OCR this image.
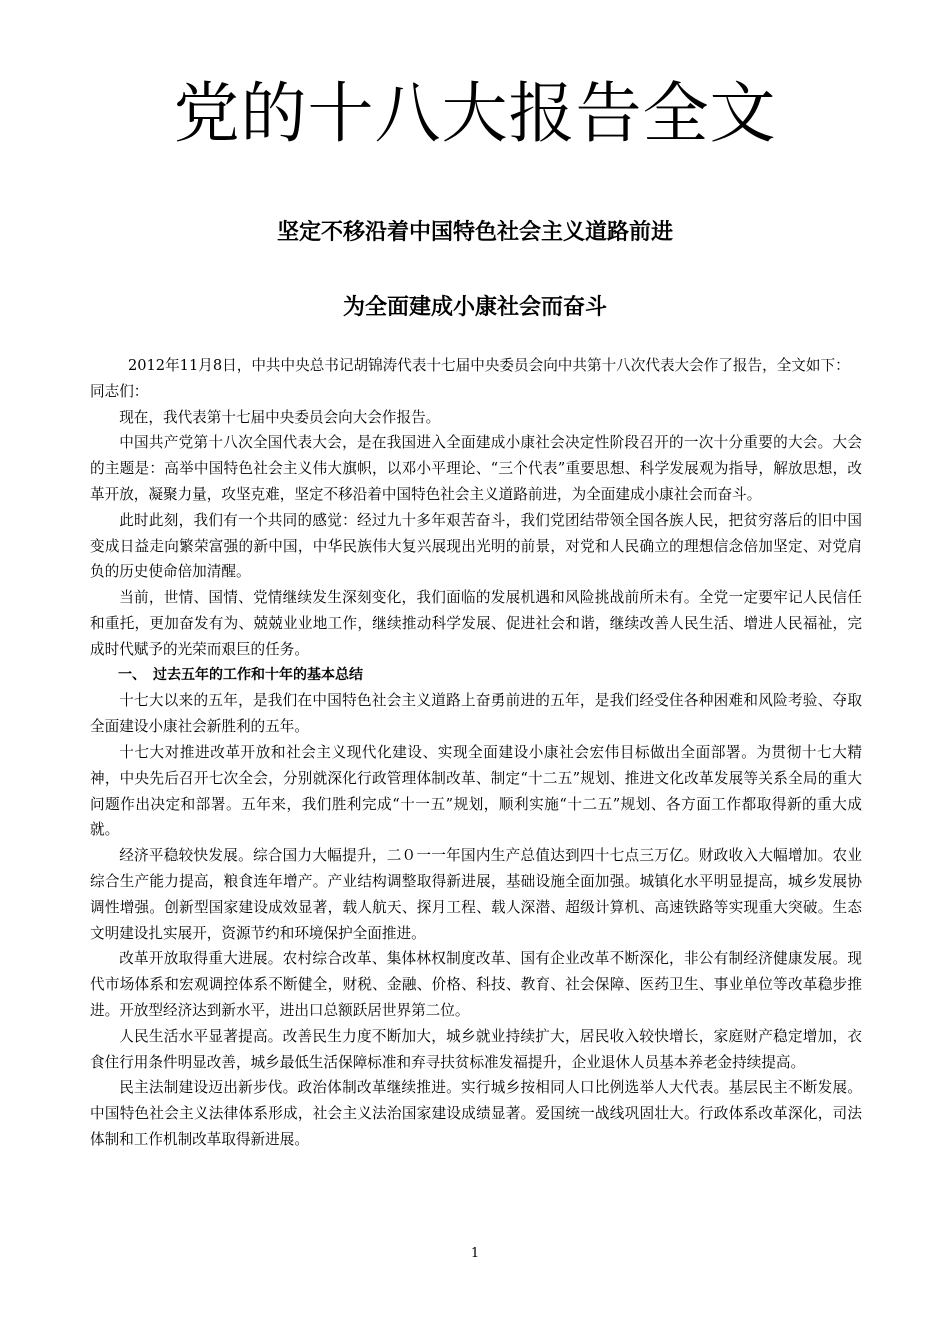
党的十八大报告全文
坚定不移沿着中国特色社会主义道路前进
为全面建成小康社会而奋斗

2012年11月8日，中共中央总书记胡锦涛代表十七届中央委员会向中共第十八次代表大会作了报告，全文如下：

同志们：

现在，我代表第十七届中央委员会向大会作报告。

中国共产党第十八次全国代表大会，是在我国进入全面建成小康社会决定性阶段召开的一次十分重要的大会。大会的主题是：高举中国特色社会主义伟大旗帜，以邓小平理论、“三个代表”重要思想、科学发展观为指导，解放思想，改革开放，凝聚力量，攻坚克难，坚定不移沿着中国特色社会主义道路前进，为全面建成小康社会而奋斗。

此时此刻，我们有一个共同的感觉：经过九十多年艰苦奋斗，我们党团结带领全国各族人民，把贫穷落后的旧中国变成日益走向繁荣富强的新中国，中华民族伟大复兴展现出光明的前景，对党和人民确立的理想信念倍加坚定、对党肩负的历史使命倍加清醒。

当前，世情、国情、党情继续发生深刻变化，我们面临的发展机遇和风险挑战前所未有。全党一定要牢记人民信任和重托，更加奋发有为、兢兢业业地工作，继续推动科学发展、促进社会和谐，继续改善人民生活、增进人民福祉，完成时代赋予的光荣而艰巨的任务。

一、　过去五年的工作和十年的基本总结

十七大以来的五年，是我们在中国特色社会主义道路上奋勇前进的五年，是我们经受住各种困难和风险考验、夺取全面建设小康社会新胜利的五年。

十七大对推进改革开放和社会主义现代化建设、实现全面建设小康社会宏伟目标做出全面部署。为贯彻十七大精神，中央先后召开七次全会，分别就深化行政管理体制改革、制定“十二五”规划、推进文化改革发展等关系全局的重大问题作出决定和部署。五年来，我们胜利完成“十一五”规划，顺利实施“十二五”规划、各方面工作都取得新的重大成就。

经济平稳较快发展。综合国力大幅提升，二０一一年国内生产总值达到四十七点三万亿。财政收入大幅增加。农业综合生产能力提高，粮食连年增产。产业结构调整取得新进展，基础设施全面加强。城镇化水平明显提高，城乡发展协调性增强。创新型国家建设成效显著，载人航天、探月工程、载人深潜、超级计算机、高速铁路等实现重大突破。生态文明建设扎实展开，资源节约和环境保护全面推进。

改革开放取得重大进展。农村综合改革、集体林权制度改革、国有企业改革不断深化，非公有制经济健康发展。现代市场体系和宏观调控体系不断健全，财税、金融、价格、科技、教育、社会保障、医药卫生、事业单位等改革稳步推进。开放型经济达到新水平，进出口总额跃居世界第二位。

人民生活水平显著提高。改善民生力度不断加大，城乡就业持续扩大，居民收入较快增长，家庭财产稳定增加，衣食住行用条件明显改善，城乡最低生活保障标准和弃寻扶贫标准发福提升，企业退休人员基本养老金持续提高。

民主法制建设迈出新步伐。政治体制改革继续推进。实行城乡按相同人口比例选举人大代表。基层民主不断发展。中国特色社会主义法律体系形成，社会主义法治国家建设成绩显著。爱国统一战线巩固壮大。行政体系改革深化，司法体制和工作机制改革取得新进展。

1
